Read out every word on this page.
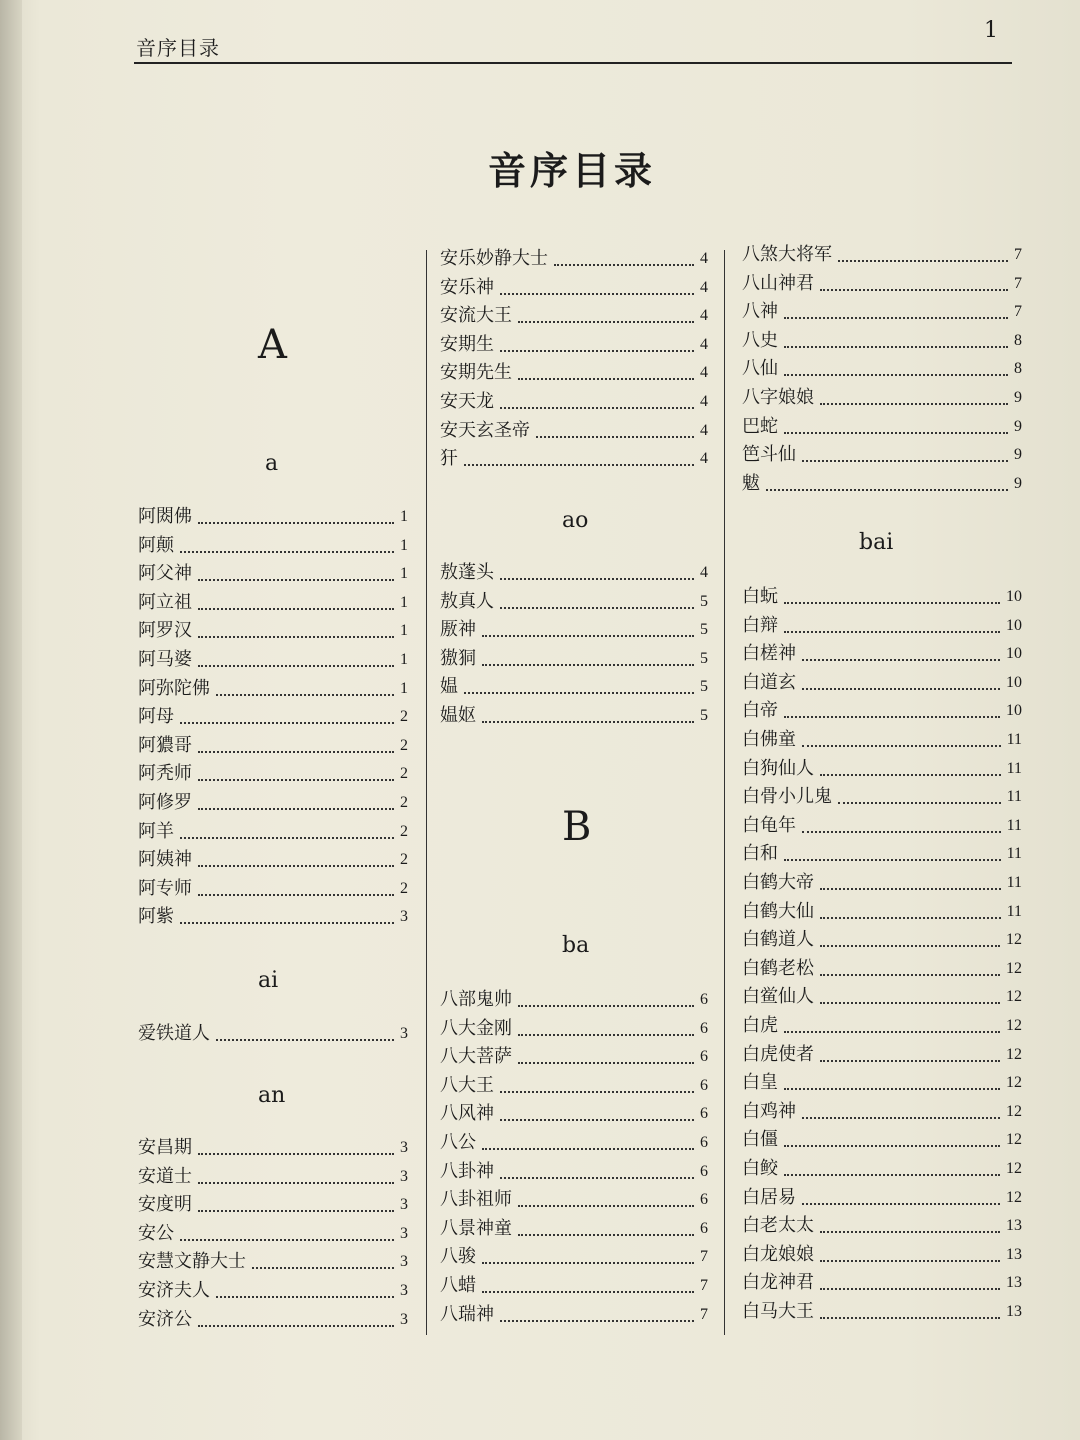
音序目录
1
音序目录
A
a
阿閦佛	1
阿颠	1
阿父神	1
阿立祖	1
阿罗汉	1
阿马婆	1
阿弥陀佛	1
阿母	2
阿㺜哥	2
阿秃师	2
阿修罗	2
阿羊	2
阿姨神	2
阿专师	2
阿紫	3
ai
爱铁道人	3
an
安昌期	3
安道士	3
安度明	3
安公	3
安慧文静大士	3
安济夫人	3
安济公	3
安乐妙静大士	4
安乐神	4
安流大王	4
安期生	4
安期先生	4
安天龙	4
安天玄圣帝	4
犴	4
ao
敖蓬头	4
敖真人	5
厫神	5
獓狪	5
媪	5
媪妪	5
B
ba
八部鬼帅	6
八大金刚	6
八大菩萨	6
八大王	6
八风神	6
八公	6
八卦神	6
八卦祖师	6
八景神童	6
八骏	7
八蜡	7
八瑞神	7
八煞大将军	7
八山神君	7
八神	7
八史	8
八仙	8
八字娘娘	9
巴蛇	9
笆斗仙	9
魃	9
bai
白蚖	10
白辩	10
白槎神	10
白道玄	10
白帝	10
白佛童	11
白狗仙人	11
白骨小儿鬼	11
白龟年	11
白和	11
白鹤大帝	11
白鹤大仙	11
白鹤道人	12
白鹤老松	12
白鲎仙人	12
白虎	12
白虎使者	12
白皇	12
白鸡神	12
白僵	12
白鲛	12
白居易	12
白老太太	13
白龙娘娘	13
白龙神君	13
白马大王	13
